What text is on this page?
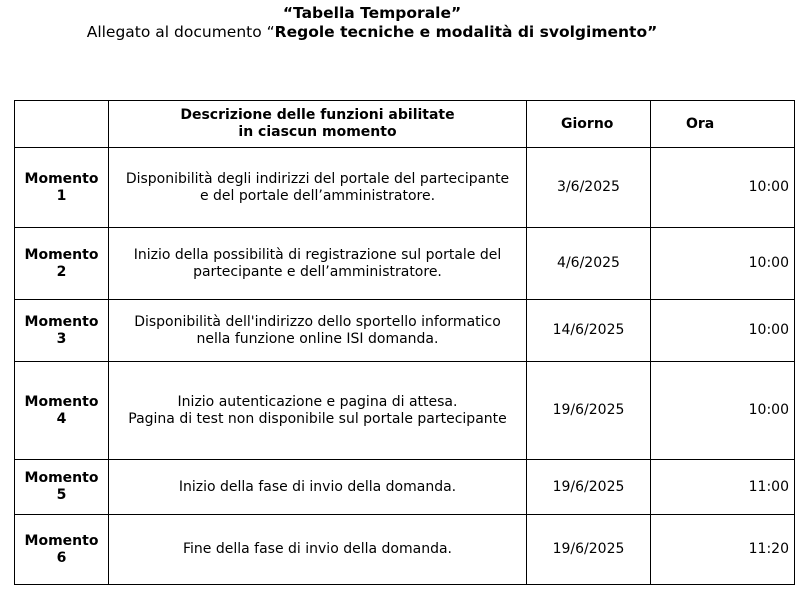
“Tabella Temporale”
Allegato al documento “Regole tecniche e modalità di svolgimento”
	Descrizione delle funzioni abilitate
in ciascun momento	Giorno	Ora
Momento
1	Disponibilità degli indirizzi del portale del partecipante
e del portale dell’amministratore.	3/6/2025	10:00
Momento
2	Inizio della possibilità di registrazione sul portale del
partecipante e dell’amministratore.	4/6/2025	10:00
Momento
3	Disponibilità dell'indirizzo dello sportello informatico
nella funzione online ISI domanda.	14/6/2025	10:00
Momento
4	Inizio autenticazione e pagina di attesa.
Pagina di test non disponibile sul portale partecipante	19/6/2025	10:00
Momento
5	Inizio della fase di invio della domanda.	19/6/2025	11:00
Momento
6	Fine della fase di invio della domanda.	19/6/2025	11:20
